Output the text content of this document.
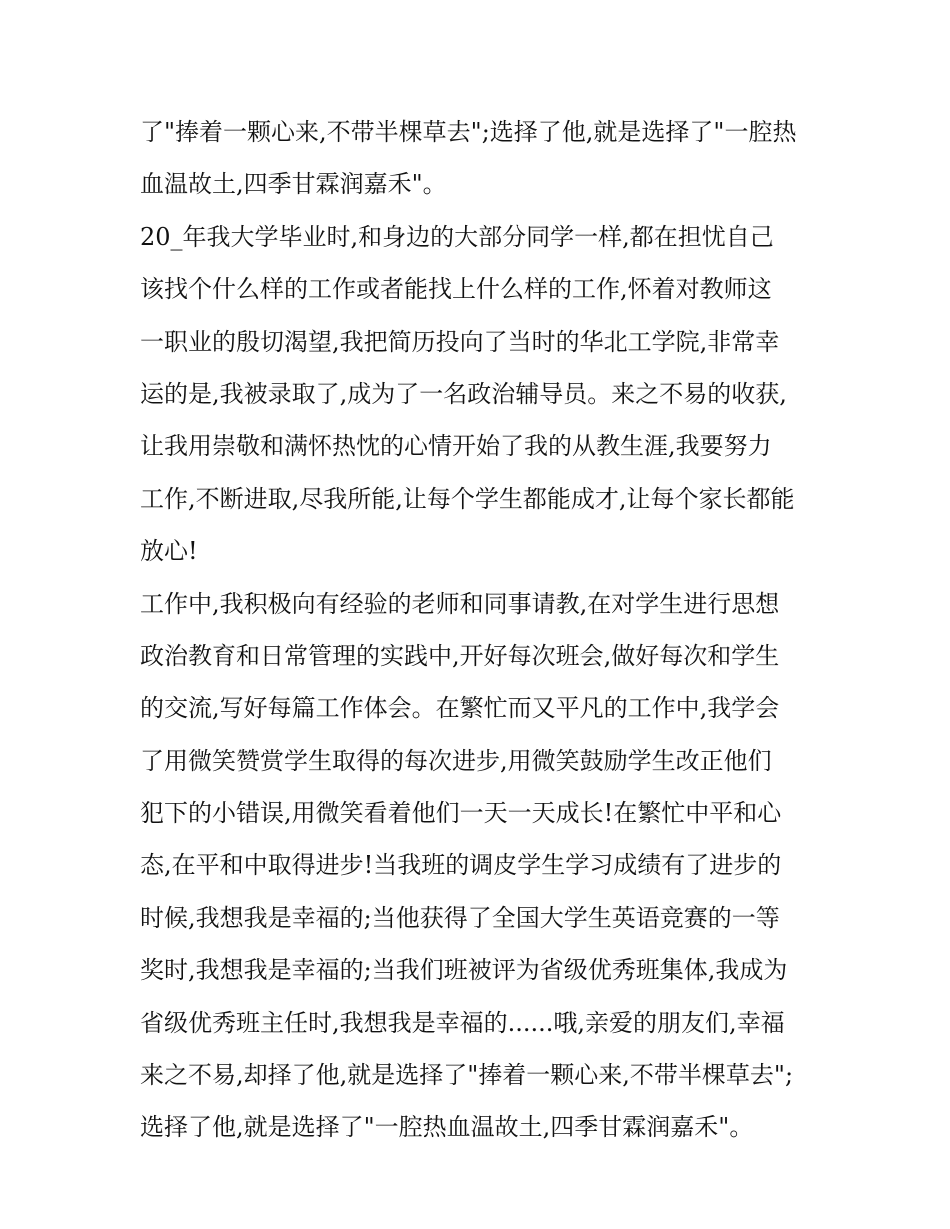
了"捧着一颗心来,不带半棵草去";选择了他,就是选择了"一腔热
血温故土,四季甘霖润嘉禾"。
20_年我大学毕业时,和身边的大部分同学一样,都在担忧自己
该找个什么样的工作或者能找上什么样的工作,怀着对教师这
一职业的殷切渴望,我把简历投向了当时的华北工学院,非常幸
运的是,我被录取了,成为了一名政治辅导员。来之不易的收获,
让我用崇敬和满怀热忱的心情开始了我的从教生涯,我要努力
工作,不断进取,尽我所能,让每个学生都能成才,让每个家长都能
放心!
工作中,我积极向有经验的老师和同事请教,在对学生进行思想
政治教育和日常管理的实践中,开好每次班会,做好每次和学生
的交流,写好每篇工作体会。在繁忙而又平凡的工作中,我学会
了用微笑赞赏学生取得的每次进步,用微笑鼓励学生改正他们
犯下的小错误,用微笑看着他们一天一天成长!在繁忙中平和心
态,在平和中取得进步!当我班的调皮学生学习成绩有了进步的
时候,我想我是幸福的;当他获得了全国大学生英语竞赛的一等
奖时,我想我是幸福的;当我们班被评为省级优秀班集体,我成为
省级优秀班主任时,我想我是幸福的......哦,亲爱的朋友们,幸福
来之不易,却择了他,就是选择了"捧着一颗心来,不带半棵草去";
选择了他,就是选择了"一腔热血温故土,四季甘霖润嘉禾"。
